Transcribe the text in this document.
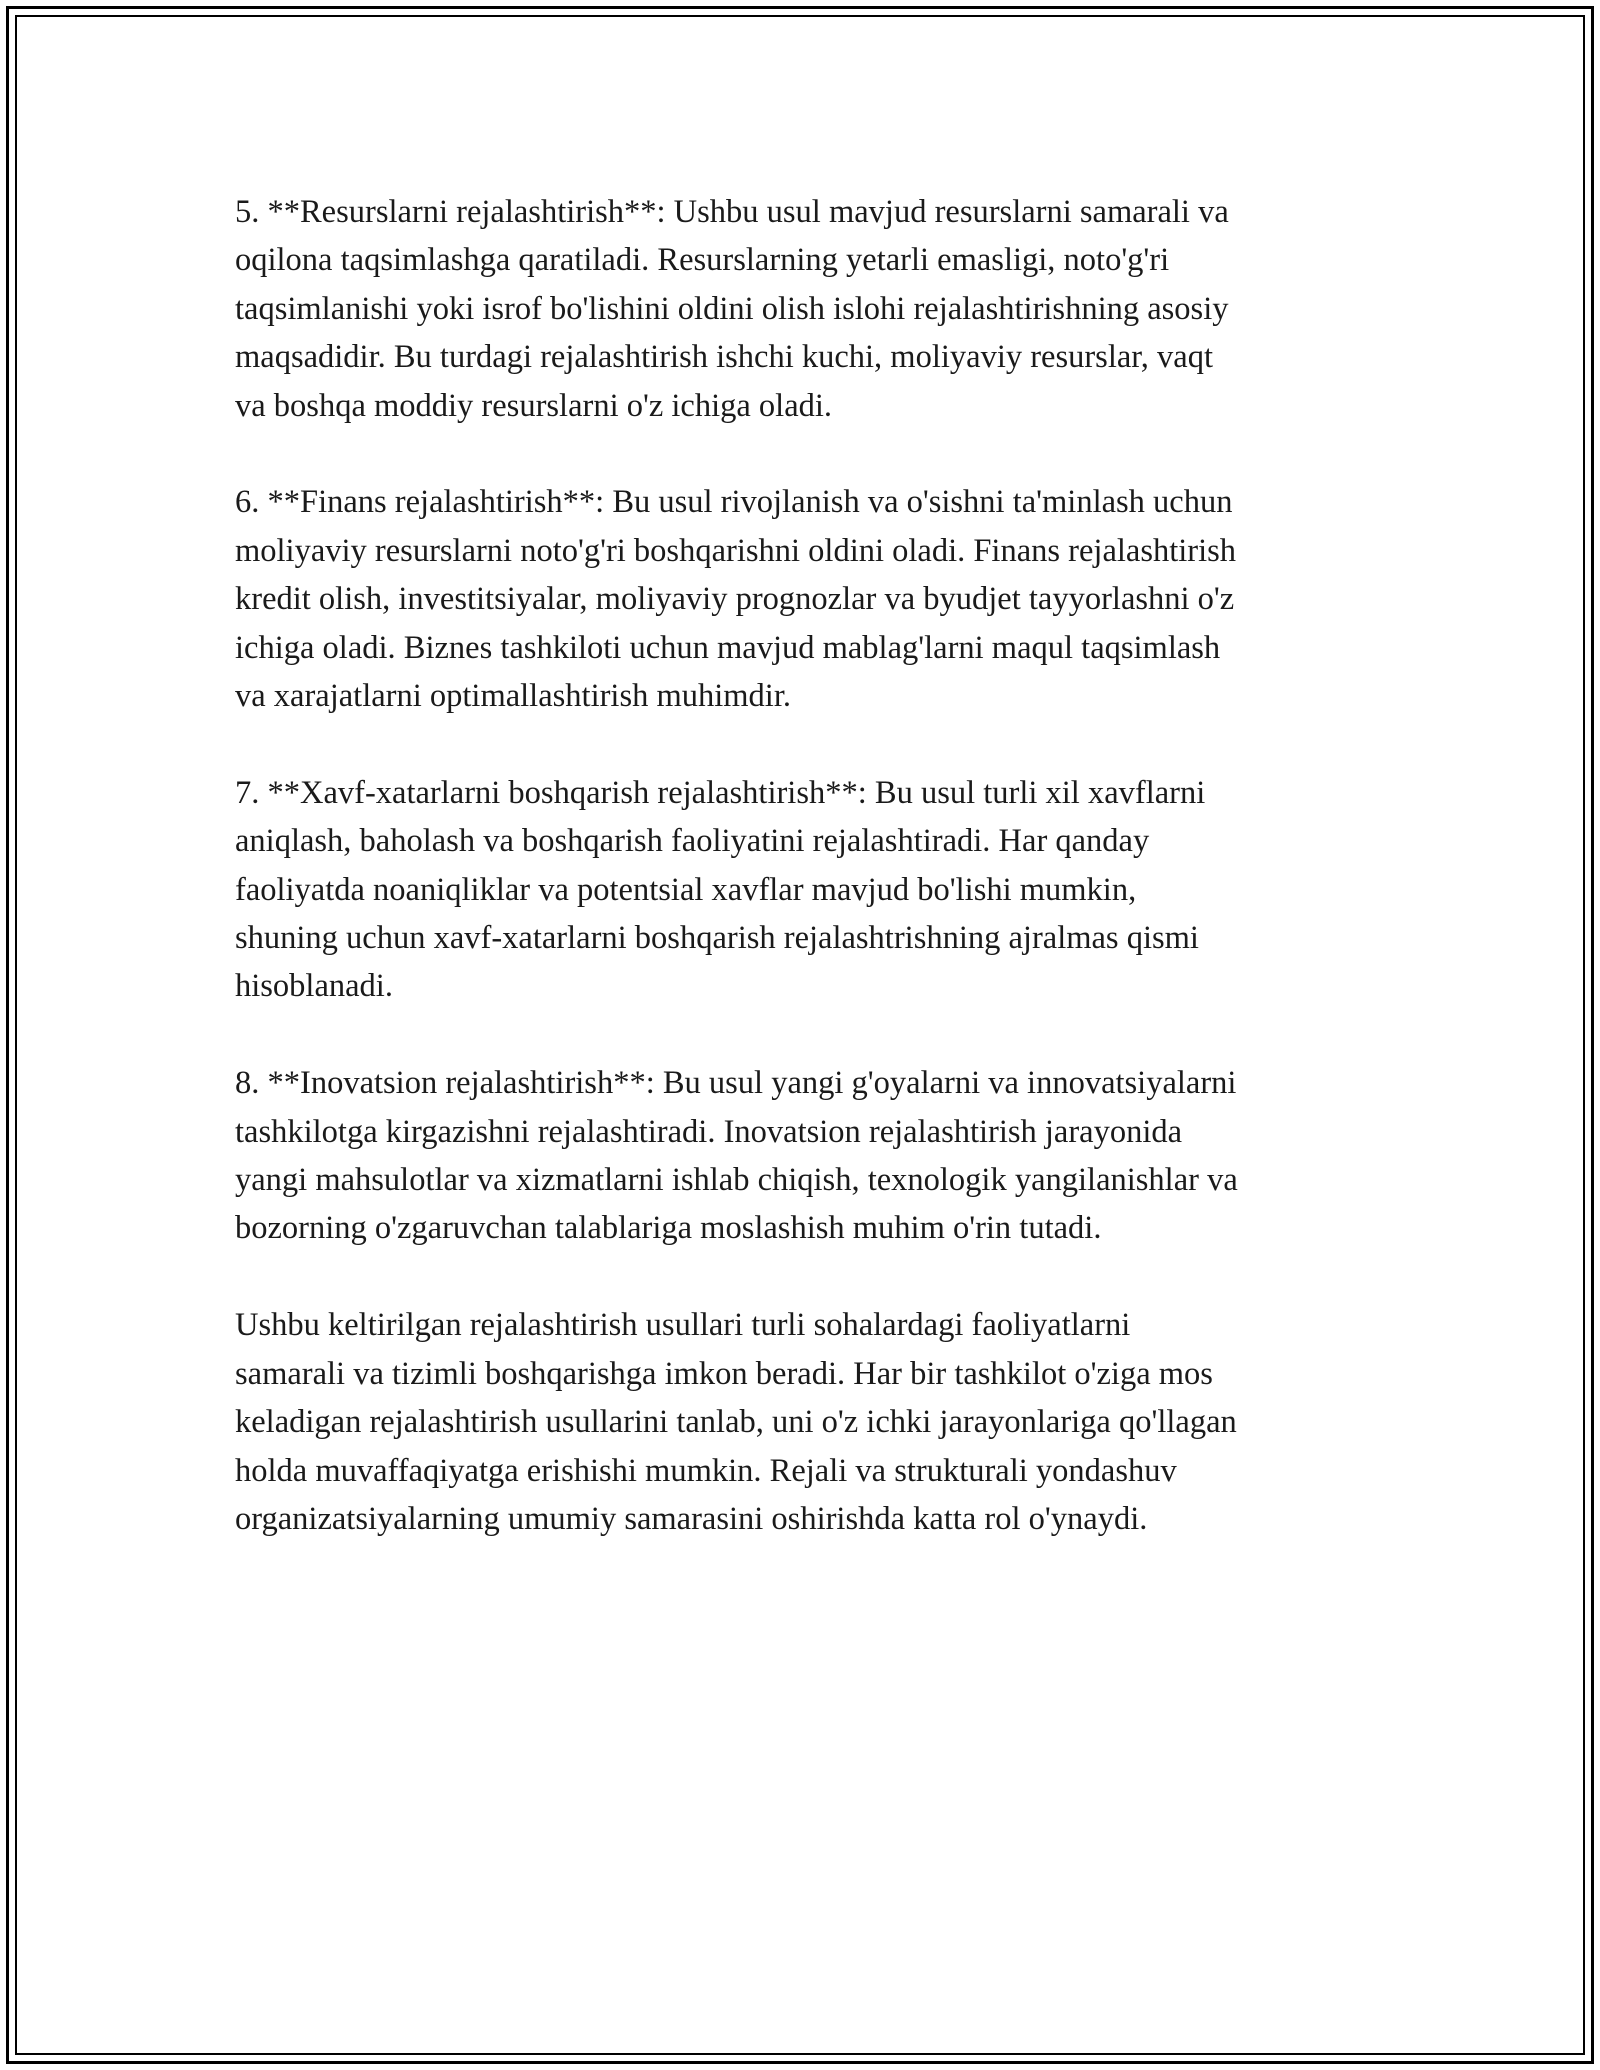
5. **Resurslarni rejalashtirish**: Ushbu usul mavjud resurslarni samarali va
oqilona taqsimlashga qaratiladi. Resurslarning yetarli emasligi, noto'g'ri
taqsimlanishi yoki isrof bo'lishini oldini olish islohi rejalashtirishning asosiy
maqsadidir. Bu turdagi rejalashtirish ishchi kuchi, moliyaviy resurslar, vaqt
va boshqa moddiy resurslarni o'z ichiga oladi.

6. **Finans rejalashtirish**: Bu usul rivojlanish va o'sishni ta'minlash uchun
moliyaviy resurslarni noto'g'ri boshqarishni oldini oladi. Finans rejalashtirish
kredit olish, investitsiyalar, moliyaviy prognozlar va byudjet tayyorlashni o'z
ichiga oladi. Biznes tashkiloti uchun mavjud mablag'larni maqul taqsimlash
va xarajatlarni optimallashtirish muhimdir.

7. **Xavf-xatarlarni boshqarish rejalashtirish**: Bu usul turli xil xavflarni
aniqlash, baholash va boshqarish faoliyatini rejalashtiradi. Har qanday
faoliyatda noaniqliklar va potentsial xavflar mavjud bo'lishi mumkin,
shuning uchun xavf-xatarlarni boshqarish rejalashtrishning ajralmas qismi
hisoblanadi.

8. **Inovatsion rejalashtirish**: Bu usul yangi g'oyalarni va innovatsiyalarni
tashkilotga kirgazishni rejalashtiradi. Inovatsion rejalashtirish jarayonida
yangi mahsulotlar va xizmatlarni ishlab chiqish, texnologik yangilanishlar va
bozorning o'zgaruvchan talablariga moslashish muhim o'rin tutadi.

Ushbu keltirilgan rejalashtirish usullari turli sohalardagi faoliyatlarni
samarali va tizimli boshqarishga imkon beradi. Har bir tashkilot o'ziga mos
keladigan rejalashtirish usullarini tanlab, uni o'z ichki jarayonlariga qo'llagan
holda muvaffaqiyatga erishishi mumkin. Rejali va strukturali yondashuv
organizatsiyalarning umumiy samarasini oshirishda katta rol o'ynaydi.
